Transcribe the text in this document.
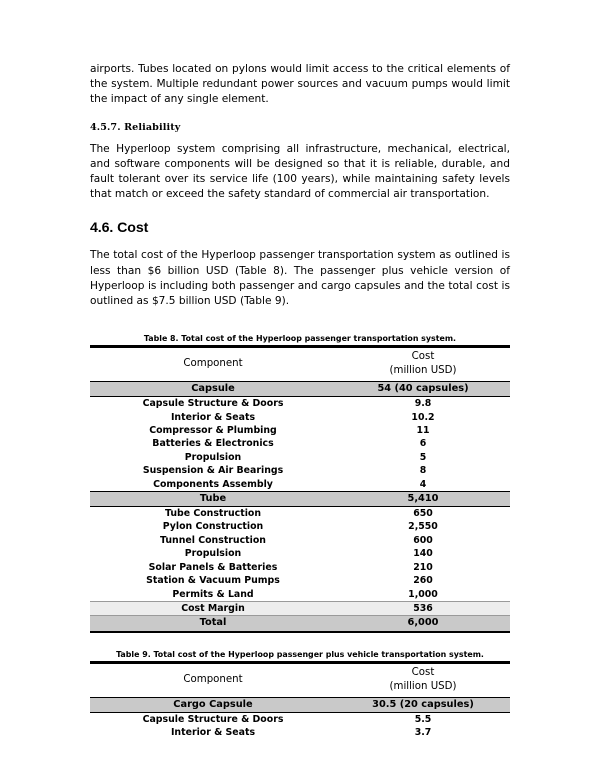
airports. Tubes located on pylons would limit access to the critical elements of the system. Multiple redundant power sources and vacuum pumps would limit the impact of any single element.

4.5.7. Reliability

The Hyperloop system comprising all infrastructure, mechanical, electrical, and software components will be designed so that it is reliable, durable, and fault tolerant over its service life (100 years), while maintaining safety levels that match or exceed the safety standard of commercial air transportation.

4.6. Cost

The total cost of the Hyperloop passenger transportation system as outlined is less than $6 billion USD (Table 8). The passenger plus vehicle version of Hyperloop is including both passenger and cargo capsules and the total cost is outlined as $7.5 billion USD (Table 9).

Table 8. Total cost of the Hyperloop passenger transportation system.

Component	Cost
(million USD)

Capsule	54 (40 capsules)
Capsule Structure & Doors	9.8
Interior & Seats	10.2
Compressor & Plumbing	11
Batteries & Electronics	6
Propulsion	5
Suspension & Air Bearings	8
Components Assembly	4
Tube	5,410
Tube Construction	650
Pylon Construction	2,550
Tunnel Construction	600
Propulsion	140
Solar Panels & Batteries	210
Station & Vacuum Pumps	260
Permits & Land	1,000
Cost Margin	536
Total	6,000
Table 9. Total cost of the Hyperloop passenger plus vehicle transportation system.

Component	Cost
(million USD)

Cargo Capsule	30.5 (20 capsules)
Capsule Structure & Doors	5.5
Interior & Seats	3.7
